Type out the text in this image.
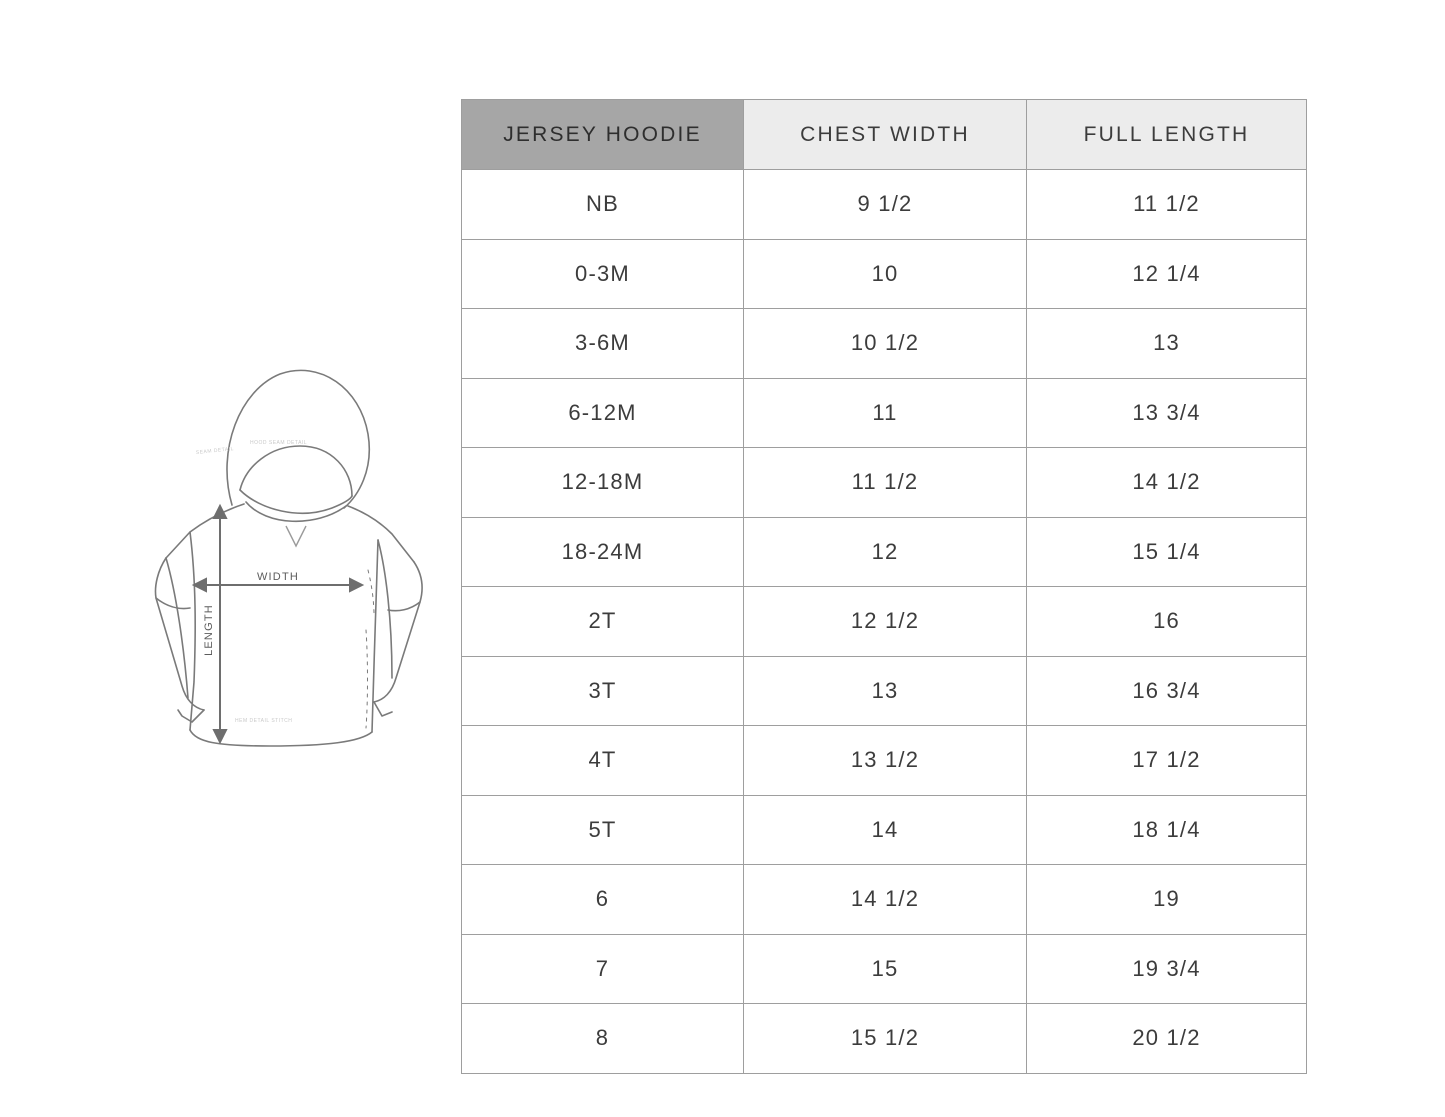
SEAM DETAIL
HOOD SEAM DETAIL
HEM DETAIL STITCH
WIDTH
LENGTH
JERSEY HOODIE	CHEST WIDTH	FULL LENGTH
NB	9 1/2	11 1/2
0-3M	10	12 1/4
3-6M	10 1/2	13
6-12M	11	13 3/4
12-18M	11 1/2	14 1/2
18-24M	12	15 1/4
2T	12 1/2	16
3T	13	16 3/4
4T	13 1/2	17 1/2
5T	14	18 1/4
6	14 1/2	19
7	15	19 3/4
8	15 1/2	20 1/2
